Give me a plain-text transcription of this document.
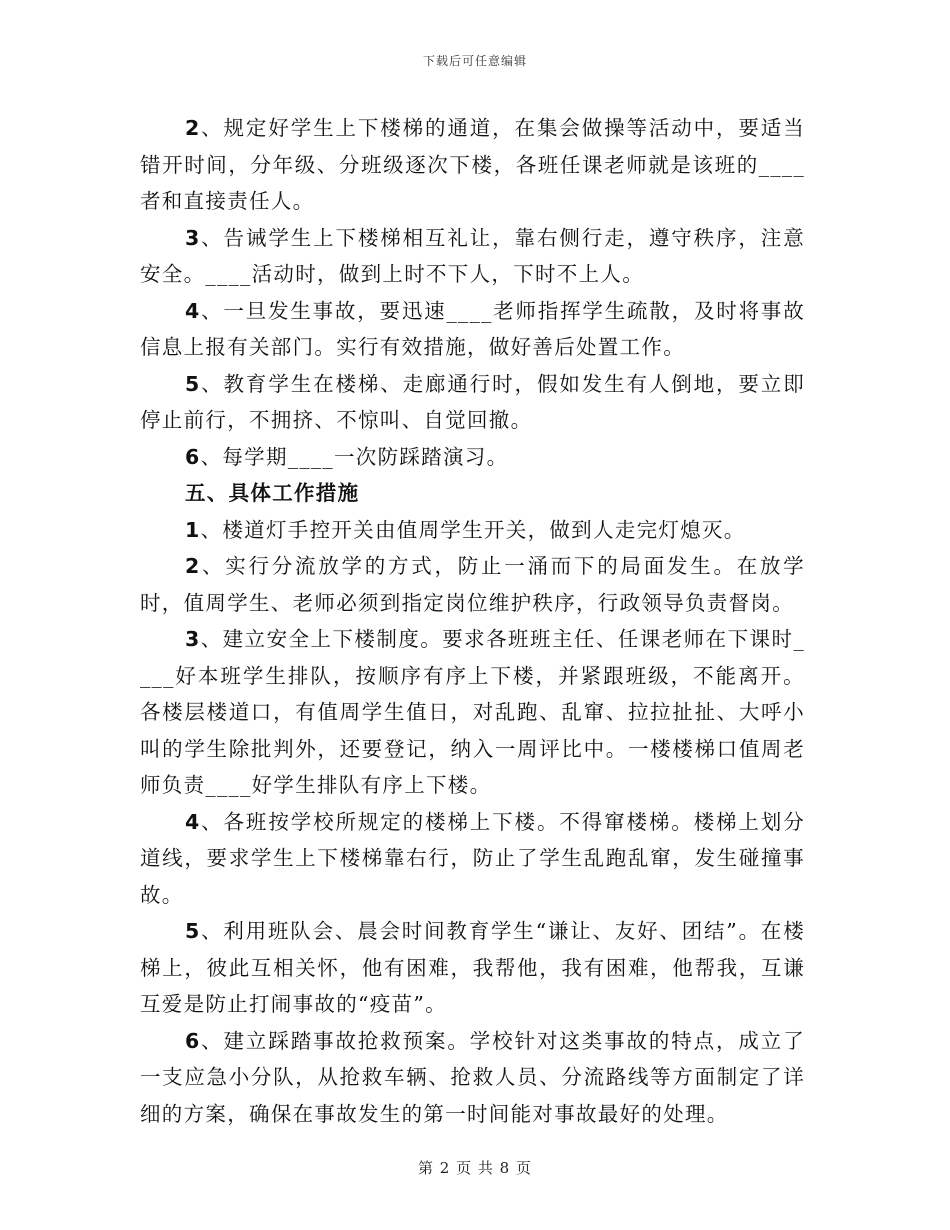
下载后可任意编辑

2、规定好学生上下楼梯的通道，在集会做操等活动中，要适当错开时间，分年级、分班级逐次下楼，各班任课老师就是该班的____者和直接责任人。

3、告诫学生上下楼梯相互礼让，靠右侧行走，遵守秩序，注意安全。____活动时，做到上时不下人，下时不上人。

4、一旦发生事故，要迅速____老师指挥学生疏散，及时将事故信息上报有关部门。实行有效措施，做好善后处置工作。

5、教育学生在楼梯、走廊通行时，假如发生有人倒地，要立即停止前行，不拥挤、不惊叫、自觉回撤。

6、每学期____一次防踩踏演习。

五、具体工作措施

1、楼道灯手控开关由值周学生开关，做到人走完灯熄灭。

2、实行分流放学的方式，防止一涌而下的局面发生。在放学时，值周学生、老师必须到指定岗位维护秩序，行政领导负责督岗。

3、建立安全上下楼制度。要求各班班主任、任课老师在下课时____好本班学生排队，按顺序有序上下楼，并紧跟班级，不能离开。各楼层楼道口，有值周学生值日，对乱跑、乱窜、拉拉扯扯、大呼小叫的学生除批判外，还要登记，纳入一周评比中。一楼楼梯口值周老师负责____好学生排队有序上下楼。

4、各班按学校所规定的楼梯上下楼。不得窜楼梯。楼梯上划分道线，要求学生上下楼梯靠右行，防止了学生乱跑乱窜，发生碰撞事故。

5、利用班队会、晨会时间教育学生“谦让、友好、团结”。在楼梯上，彼此互相关怀，他有困难，我帮他，我有困难，他帮我，互谦互爱是防止打闹事故的“疫苗”。

6、建立踩踏事故抢救预案。学校针对这类事故的特点，成立了一支应急小分队，从抢救车辆、抢救人员、分流路线等方面制定了详细的方案，确保在事故发生的第一时间能对事故最好的处理。

第 2 页 共 8 页
